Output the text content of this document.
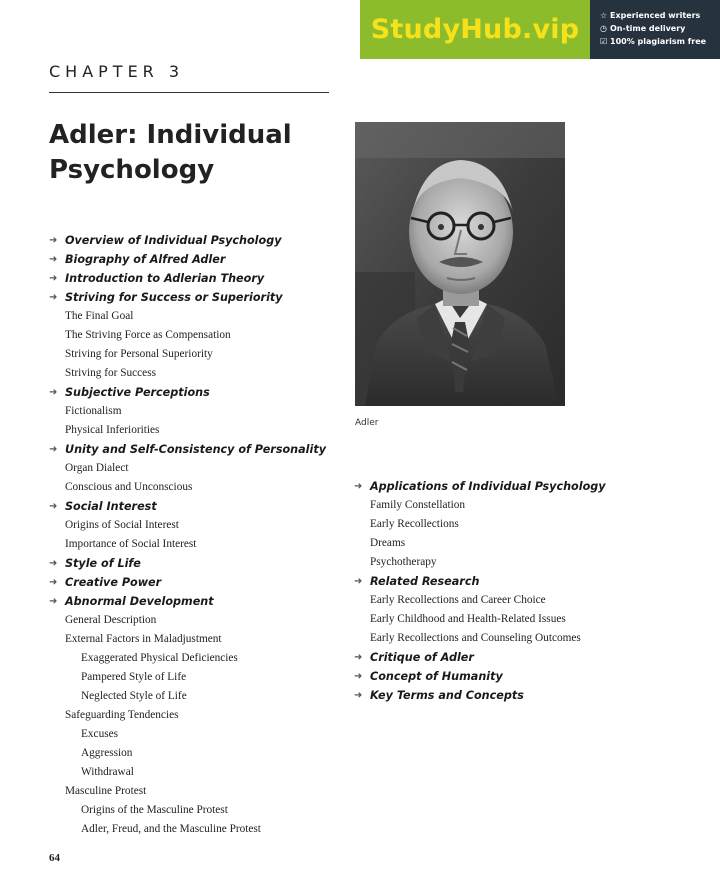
StudyHub.vip	☆ Experienced writers
◷ On-time delivery
☑ 100% plagiarism free
CHAPTER 3
Adler: Individual Psychology
Adler
➜ Overview of Individual Psychology
➜ Biography of Alfred Adler
➜ Introduction to Adlerian Theory
➜ Striving for Success or Superiority
The Final Goal
The Striving Force as Compensation
Striving for Personal Superiority
Striving for Success
➜ Subjective Perceptions
Fictionalism
Physical Inferiorities
➜ Unity and Self-Consistency of Personality
Organ Dialect
Conscious and Unconscious
➜ Social Interest
Origins of Social Interest
Importance of Social Interest
➜ Style of Life
➜ Creative Power
➜ Abnormal Development
General Description
External Factors in Maladjustment
Exaggerated Physical Deficiencies
Pampered Style of Life
Neglected Style of Life
Safeguarding Tendencies
Excuses
Aggression
Withdrawal
Masculine Protest
Origins of the Masculine Protest
Adler, Freud, and the Masculine Protest
➜ Applications of Individual Psychology
Family Constellation
Early Recollections
Dreams
Psychotherapy
➜ Related Research
Early Recollections and Career Choice
Early Childhood and Health-Related Issues
Early Recollections and Counseling Outcomes
➜ Critique of Adler
➜ Concept of Humanity
➜ Key Terms and Concepts
64
